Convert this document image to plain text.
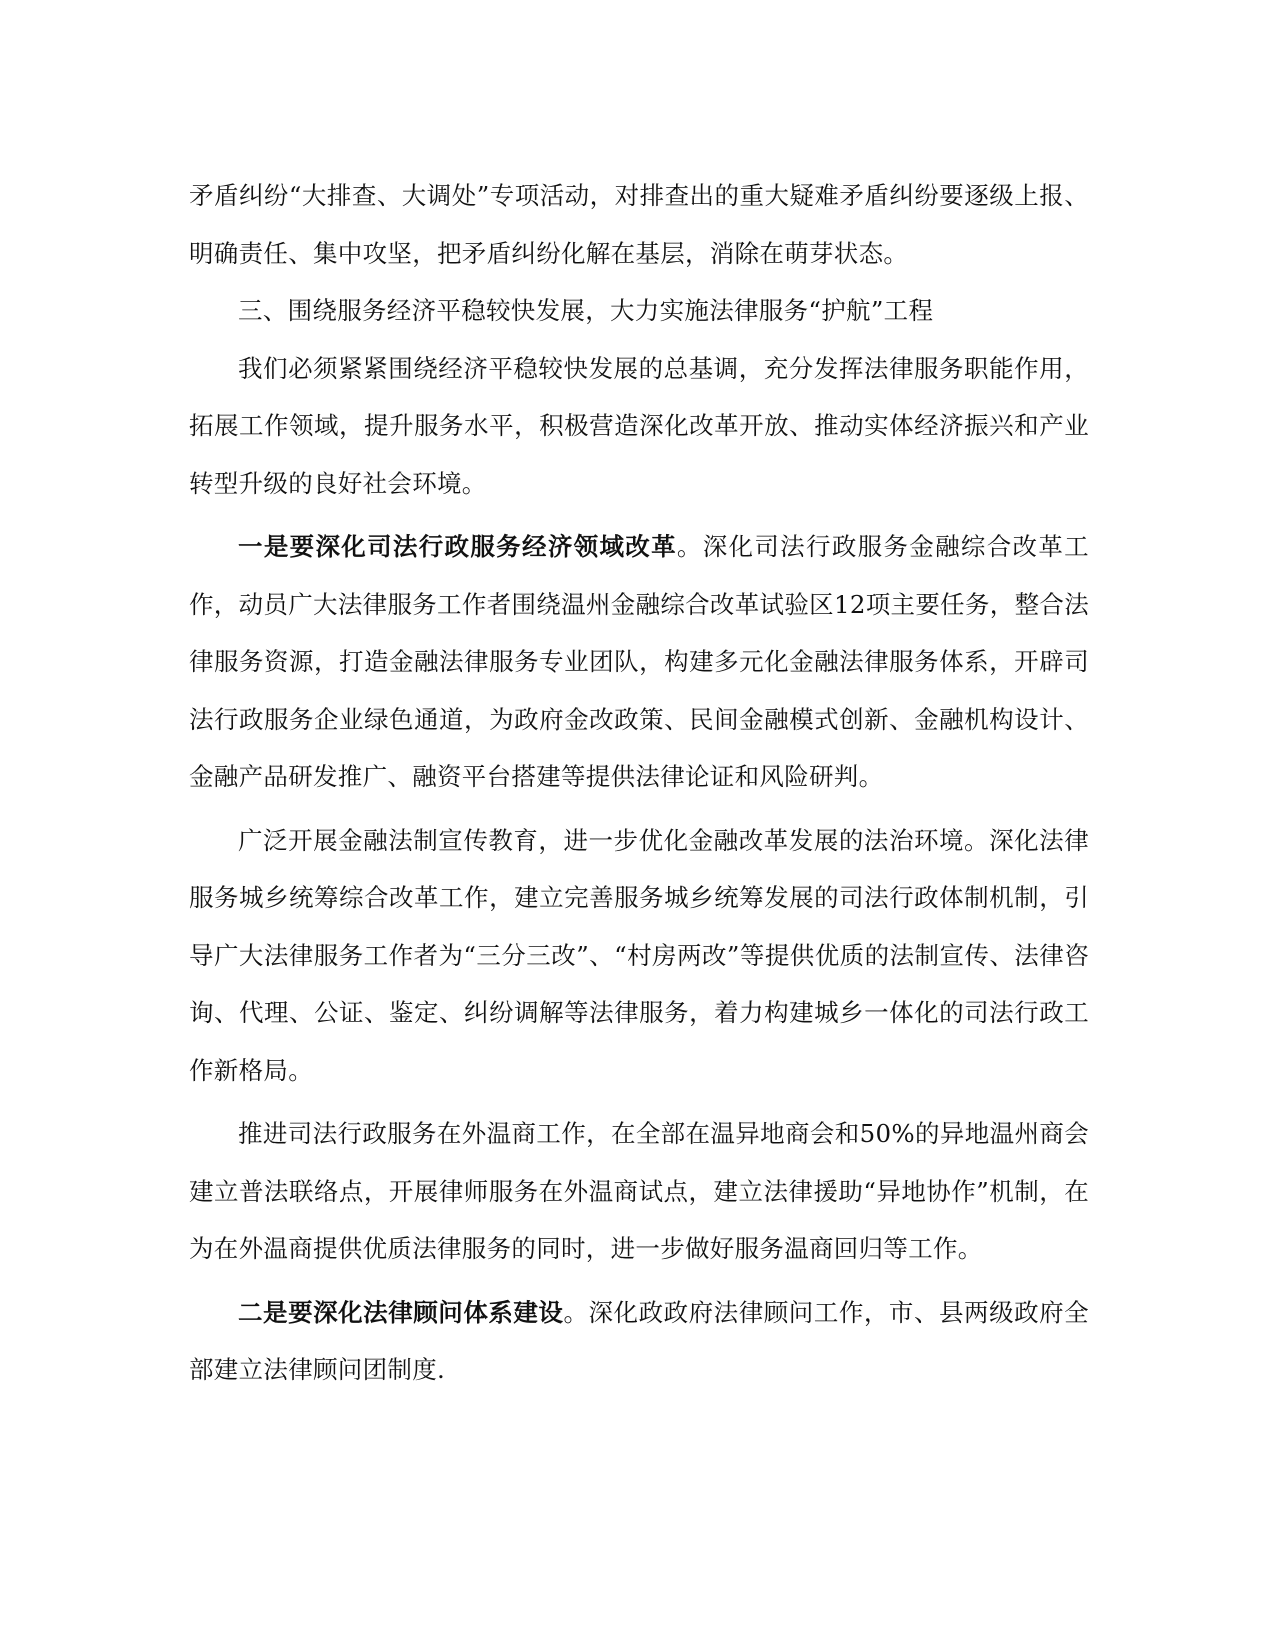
矛盾纠纷“大排查、大调处”专项活动，对排查出的重大疑难矛盾纠纷要逐级上报、明确责任、集中攻坚，把矛盾纠纷化解在基层，消除在萌芽状态。

三、围绕服务经济平稳较快发展，大力实施法律服务“护航”工程

我们必须紧紧围绕经济平稳较快发展的总基调，充分发挥法律服务职能作用，拓展工作领域，提升服务水平，积极营造深化改革开放、推动实体经济振兴和产业转型升级的良好社会环境。

一是要深化司法行政服务经济领域改革。深化司法行政服务金融综合改革工作，动员广大法律服务工作者围绕温州金融综合改革试验区12项主要任务，整合法律服务资源，打造金融法律服务专业团队，构建多元化金融法律服务体系，开辟司法行政服务企业绿色通道，为政府金改政策、民间金融模式创新、金融机构设计、金融产品研发推广、融资平台搭建等提供法律论证和风险研判。

广泛开展金融法制宣传教育，进一步优化金融改革发展的法治环境。深化法律服务城乡统筹综合改革工作，建立完善服务城乡统筹发展的司法行政体制机制，引导广大法律服务工作者为“三分三改”、“村房两改”等提供优质的法制宣传、法律咨询、代理、公证、鉴定、纠纷调解等法律服务，着力构建城乡一体化的司法行政工作新格局。

推进司法行政服务在外温商工作，在全部在温异地商会和50%的异地温州商会建立普法联络点，开展律师服务在外温商试点，建立法律援助“异地协作”机制，在为在外温商提供优质法律服务的同时，进一步做好服务温商回归等工作。

二是要深化法律顾问体系建设。深化政政府法律顾问工作，市、县两级政府全部建立法律顾问团制度.
